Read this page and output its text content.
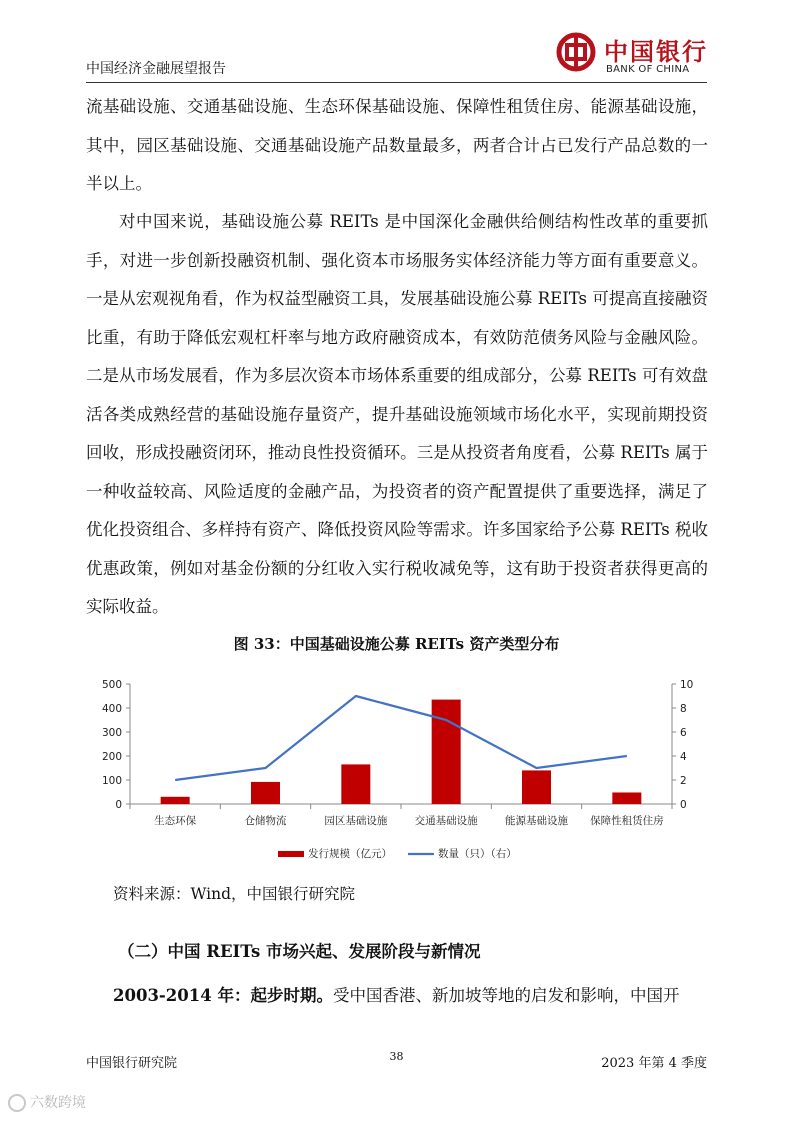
中国经济金融展望报告
中国银行
BANK OF CHINA
流基础设施、交通基础设施、生态环保基础设施、保障性租赁住房、能源基础设施，其中，园区基础设施、交通基础设施产品数量最多，两者合计占已发行产品总数的一半以上。
对中国来说，基础设施公募 REITs 是中国深化金融供给侧结构性改革的重要抓手，对进一步创新投融资机制、强化资本市场服务实体经济能力等方面有重要意义。一是从宏观视角看，作为权益型融资工具，发展基础设施公募 REITs 可提高直接融资比重，有助于降低宏观杠杆率与地方政府融资成本，有效防范债务风险与金融风险。二是从市场发展看，作为多层次资本市场体系重要的组成部分，公募 REITs 可有效盘活各类成熟经营的基础设施存量资产，提升基础设施领域市场化水平，实现前期投资回收，形成投融资闭环，推动良性投资循环。三是从投资者角度看，公募 REITs 属于一种收益较高、风险适度的金融产品，为投资者的资产配置提供了重要选择，满足了优化投资组合、多样持有资产、降低投资风险等需求。许多国家给予公募 REITs 税收优惠政策，例如对基金份额的分红收入实行税收减免等，这有助于投资者获得更高的实际收益。
图 33：中国基础设施公募 REITs 资产类型分布
0
100
200
300
400
500
0
2
4
6
8
10
生态环保	仓储物流	园区基础设施	交通基础设施	能源基础设施 保障性租赁住房
发行规模（亿元）	数量（只）（右）
资料来源：Wind，中国银行研究院
（二）中国 REITs 市场兴起、发展阶段与新情况
2003-2014 年：起步时期。受中国香港、新加坡等地的启发和影响，中国开
中国银行研究院	38	2023 年第 4 季度
六数跨境
